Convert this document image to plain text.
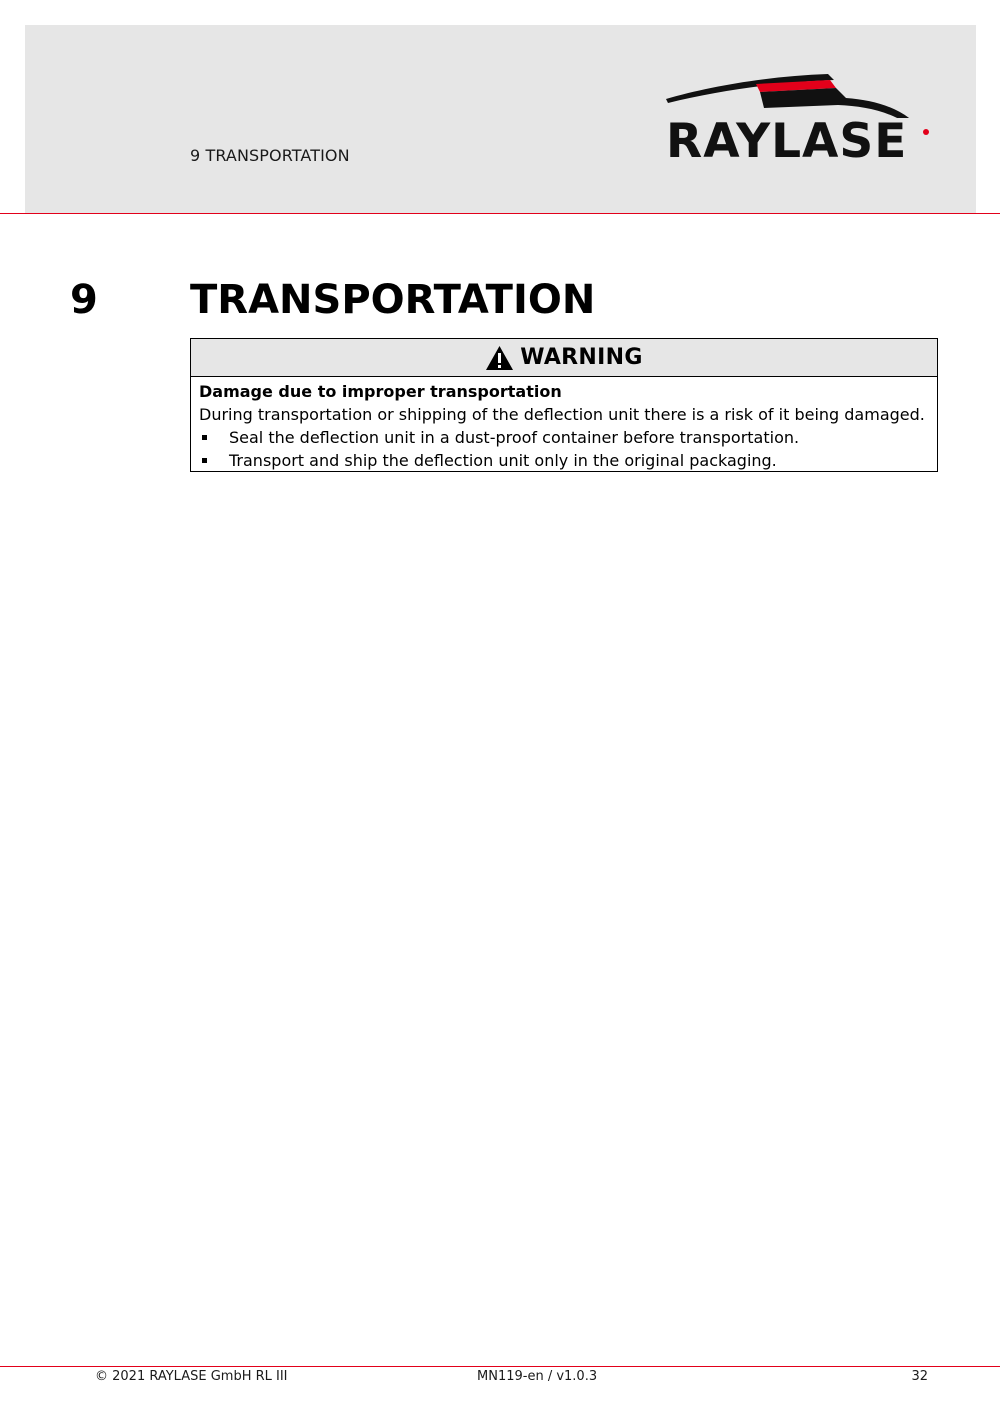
9 TRANSPORTATION	RAYLASE
9 TRANSPORTATION
WARNING
Damage due to improper transportation
During transportation or shipping of the deflection unit there is a risk of it being damaged.
Seal the deflection unit in a dust-proof container before transportation.
Transport and ship the deflection unit only in the original packaging.
© 2021 RAYLASE GmbH RL III	MN119-en / v1.0.3	32
